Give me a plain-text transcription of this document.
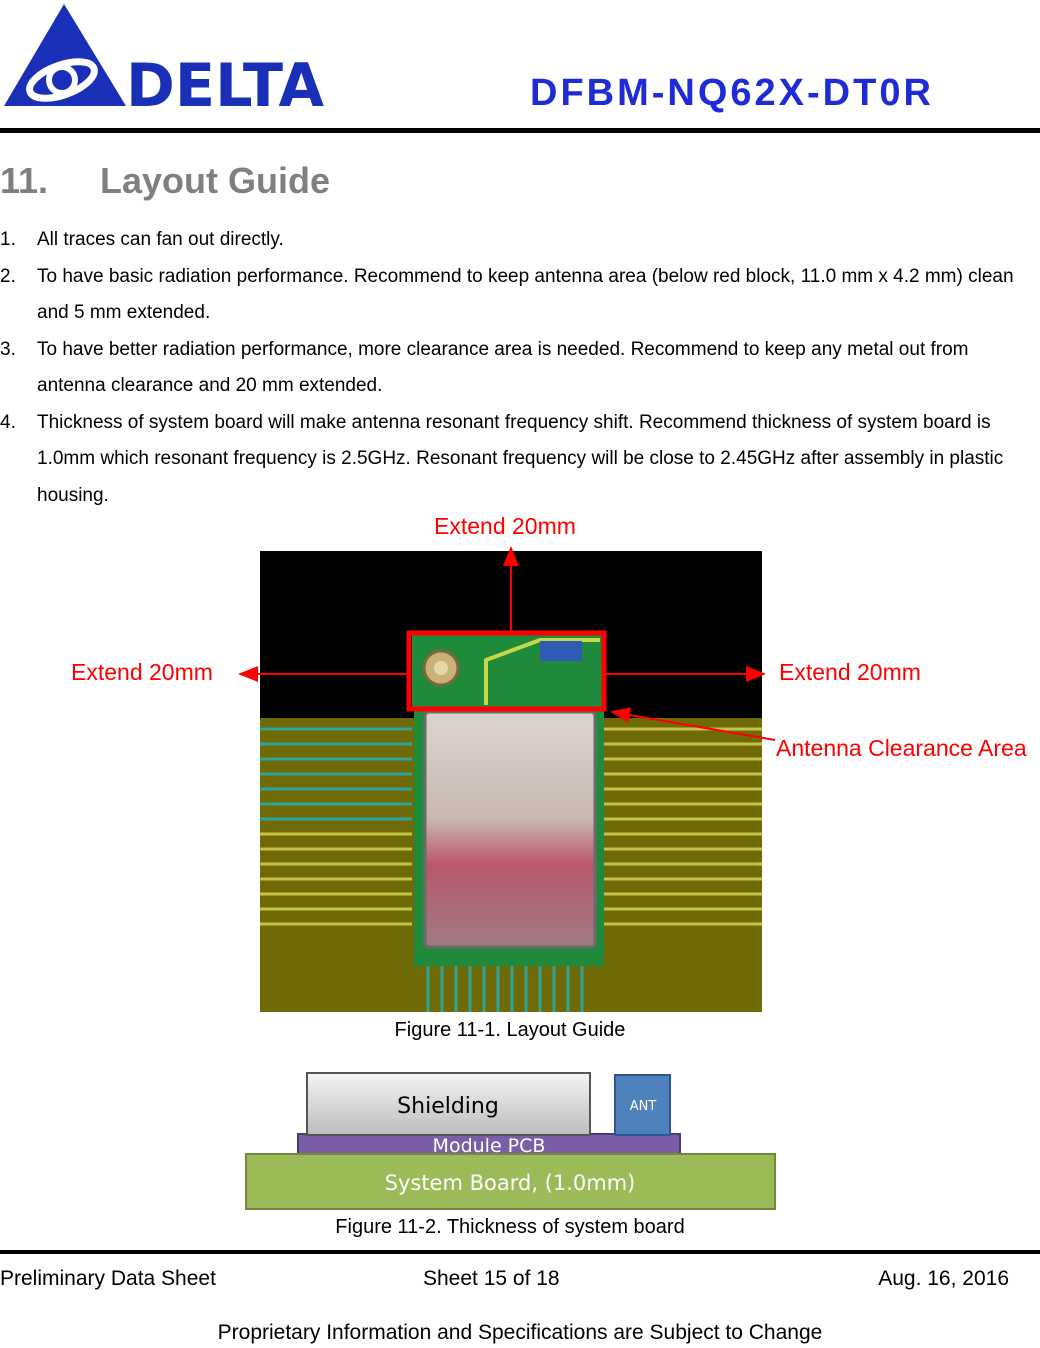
DELTA	DFBM-NQ62X-DT0R
11. Layout Guide
1. All traces can fan out directly.
2. To have basic radiation performance. Recommend to keep antenna area (below red block, 11.0 mm x 4.2 mm) clean and 5 mm extended.
3. To have better radiation performance, more clearance area is needed. Recommend to keep any metal out from antenna clearance and 20 mm extended.
4. Thickness of system board will make antenna resonant frequency shift. Recommend thickness of system board is 1.0mm which resonant frequency is 2.5GHz. Resonant frequency will be close to 2.45GHz after assembly in plastic housing.
Extend 20mm
Extend 20mm	Extend 20mm
Antenna Clearance Area
Figure 11-1. Layout Guide
Shielding	ANT
Module PCB
System Board, (1.0mm)
Figure 11-2. Thickness of system board
Preliminary Data Sheet	Sheet 15 of 18	Aug. 16, 2016
Proprietary Information and Specifications are Subject to Change
